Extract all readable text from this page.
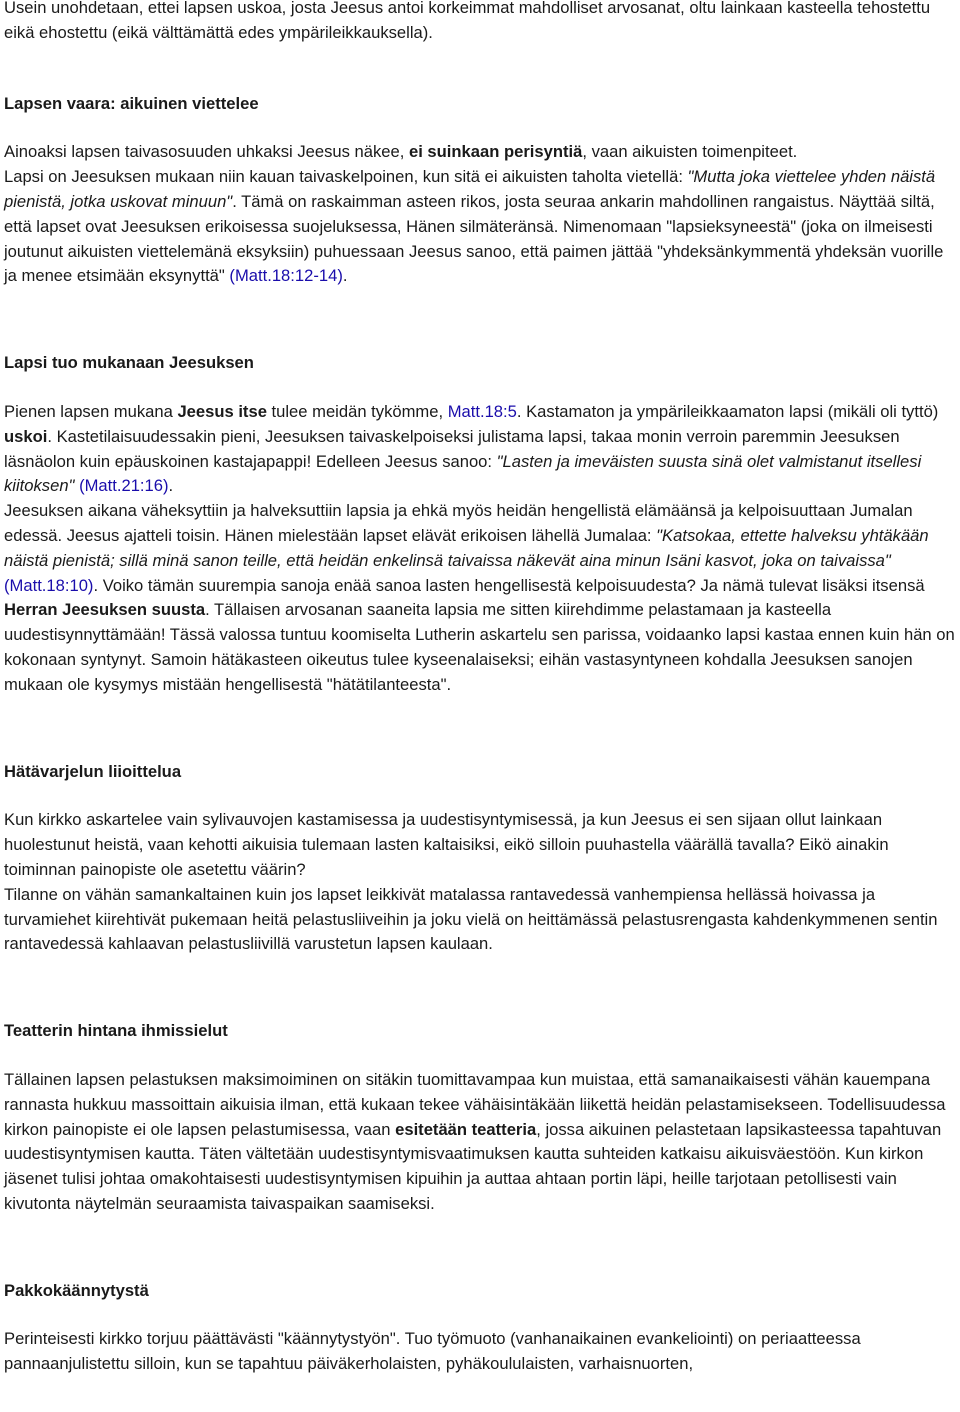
Usein unohdetaan, ettei lapsen uskoa, josta Jeesus antoi korkeimmat mahdolliset arvosanat, oltu lainkaan kasteella tehostettu eikä ehostettu (eikä välttämättä edes ympärileikkauksella).

Lapsen vaara: aikuinen viettelee

Ainoaksi lapsen taivasosuuden uhkaksi Jeesus näkee, ei suinkaan perisyntiä, vaan aikuisten toimenpiteet.

Lapsi on Jeesuksen mukaan niin kauan taivaskelpoinen, kun sitä ei aikuisten taholta vietellä: "Mutta joka viettelee yhden näistä pienistä, jotka uskovat minuun". Tämä on raskaimman asteen rikos, josta seuraa ankarin mahdollinen rangaistus. Näyttää siltä, että lapset ovat Jeesuksen erikoisessa suojeluksessa, Hänen silmäteränsä. Nimenomaan "lapsieksyneestä" (joka on ilmeisesti joutunut aikuisten viettelemänä eksyksiin) puhuessaan Jeesus sanoo, että paimen jättää "yhdeksänkymmentä yhdeksän vuorille ja menee etsimään eksynyttä" (Matt.18:12-14).

Lapsi tuo mukanaan Jeesuksen

Pienen lapsen mukana Jeesus itse tulee meidän tykömme, Matt.18:5. Kastamaton ja ympärileikkaamaton lapsi (mikäli oli tyttö) uskoi. Kastetilaisuudessakin pieni, Jeesuksen taivaskelpoiseksi julistama lapsi, takaa monin verroin paremmin Jeesuksen läsnäolon kuin epäuskoinen kastajapappi! Edelleen Jeesus sanoo: "Lasten ja imeväisten suusta sinä olet valmistanut itsellesi kiitoksen" (Matt.21:16).

Jeesuksen aikana väheksyttiin ja halveksuttiin lapsia ja ehkä myös heidän hengellistä elämäänsä ja kelpoisuuttaan Jumalan edessä. Jeesus ajatteli toisin. Hänen mielestään lapset elävät erikoisen lähellä Jumalaa: "Katsokaa, ettette halveksu yhtäkään näistä pienistä; sillä minä sanon teille, että heidän enkelinsä taivaissa näkevät aina minun Isäni kasvot, joka on taivaissa" (Matt.18:10). Voiko tämän suurempia sanoja enää sanoa lasten hengellisestä kelpoisuudesta? Ja nämä tulevat lisäksi itsensä Herran Jeesuksen suusta. Tällaisen arvosanan saaneita lapsia me sitten kiirehdimme pelastamaan ja kasteella uudestisynnyttämään! Tässä valossa tuntuu koomiselta Lutherin askartelu sen parissa, voidaanko lapsi kastaa ennen kuin hän on kokonaan syntynyt. Samoin hätäkasteen oikeutus tulee kyseenalaiseksi; eihän vastasyntyneen kohdalla Jeesuksen sanojen mukaan ole kysymys mistään hengellisestä "hätätilanteesta".

Hätävarjelun liioittelua

Kun kirkko askartelee vain sylivauvojen kastamisessa ja uudestisyntymisessä, ja kun Jeesus ei sen sijaan ollut lainkaan huolestunut heistä, vaan kehotti aikuisia tulemaan lasten kaltaisiksi, eikö silloin puuhastella väärällä tavalla? Eikö ainakin toiminnan painopiste ole asetettu väärin?

Tilanne on vähän samankaltainen kuin jos lapset leikkivät matalassa rantavedessä vanhempiensa hellässä hoivassa ja turvamiehet kiirehtivät pukemaan heitä pelastusliiveihin ja joku vielä on heittämässä pelastusrengasta kahdenkymmenen sentin rantavedessä kahlaavan pelastusliivillä varustetun lapsen kaulaan.

Teatterin hintana ihmissielut

Tällainen lapsen pelastuksen maksimoiminen on sitäkin tuomittavampaa kun muistaa, että samanaikaisesti vähän kauempana rannasta hukkuu massoittain aikuisia ilman, että kukaan tekee vähäisintäkään liikettä heidän pelastamisekseen. Todellisuudessa kirkon painopiste ei ole lapsen pelastumisessa, vaan esitetään teatteria, jossa aikuinen pelastetaan lapsikasteessa tapahtuvan uudestisyntymisen kautta. Täten vältetään uudestisyntymisvaatimuksen kautta suhteiden katkaisu aikuisväestöön. Kun kirkon jäsenet tulisi johtaa omakohtaisesti uudestisyntymisen kipuihin ja auttaa ahtaan portin läpi, heille tarjotaan petollisesti vain kivutonta näytelmän seuraamista taivaspaikan saamiseksi.

Pakkokäännytystä

Perinteisesti kirkko torjuu päättävästi "käännytystyön". Tuo työmuoto (vanhanaikainen evankeliointi) on periaatteessa pannaanjulistettu silloin, kun se tapahtuu päiväkerholaisten, pyhäkoululaisten, varhaisnuorten,
